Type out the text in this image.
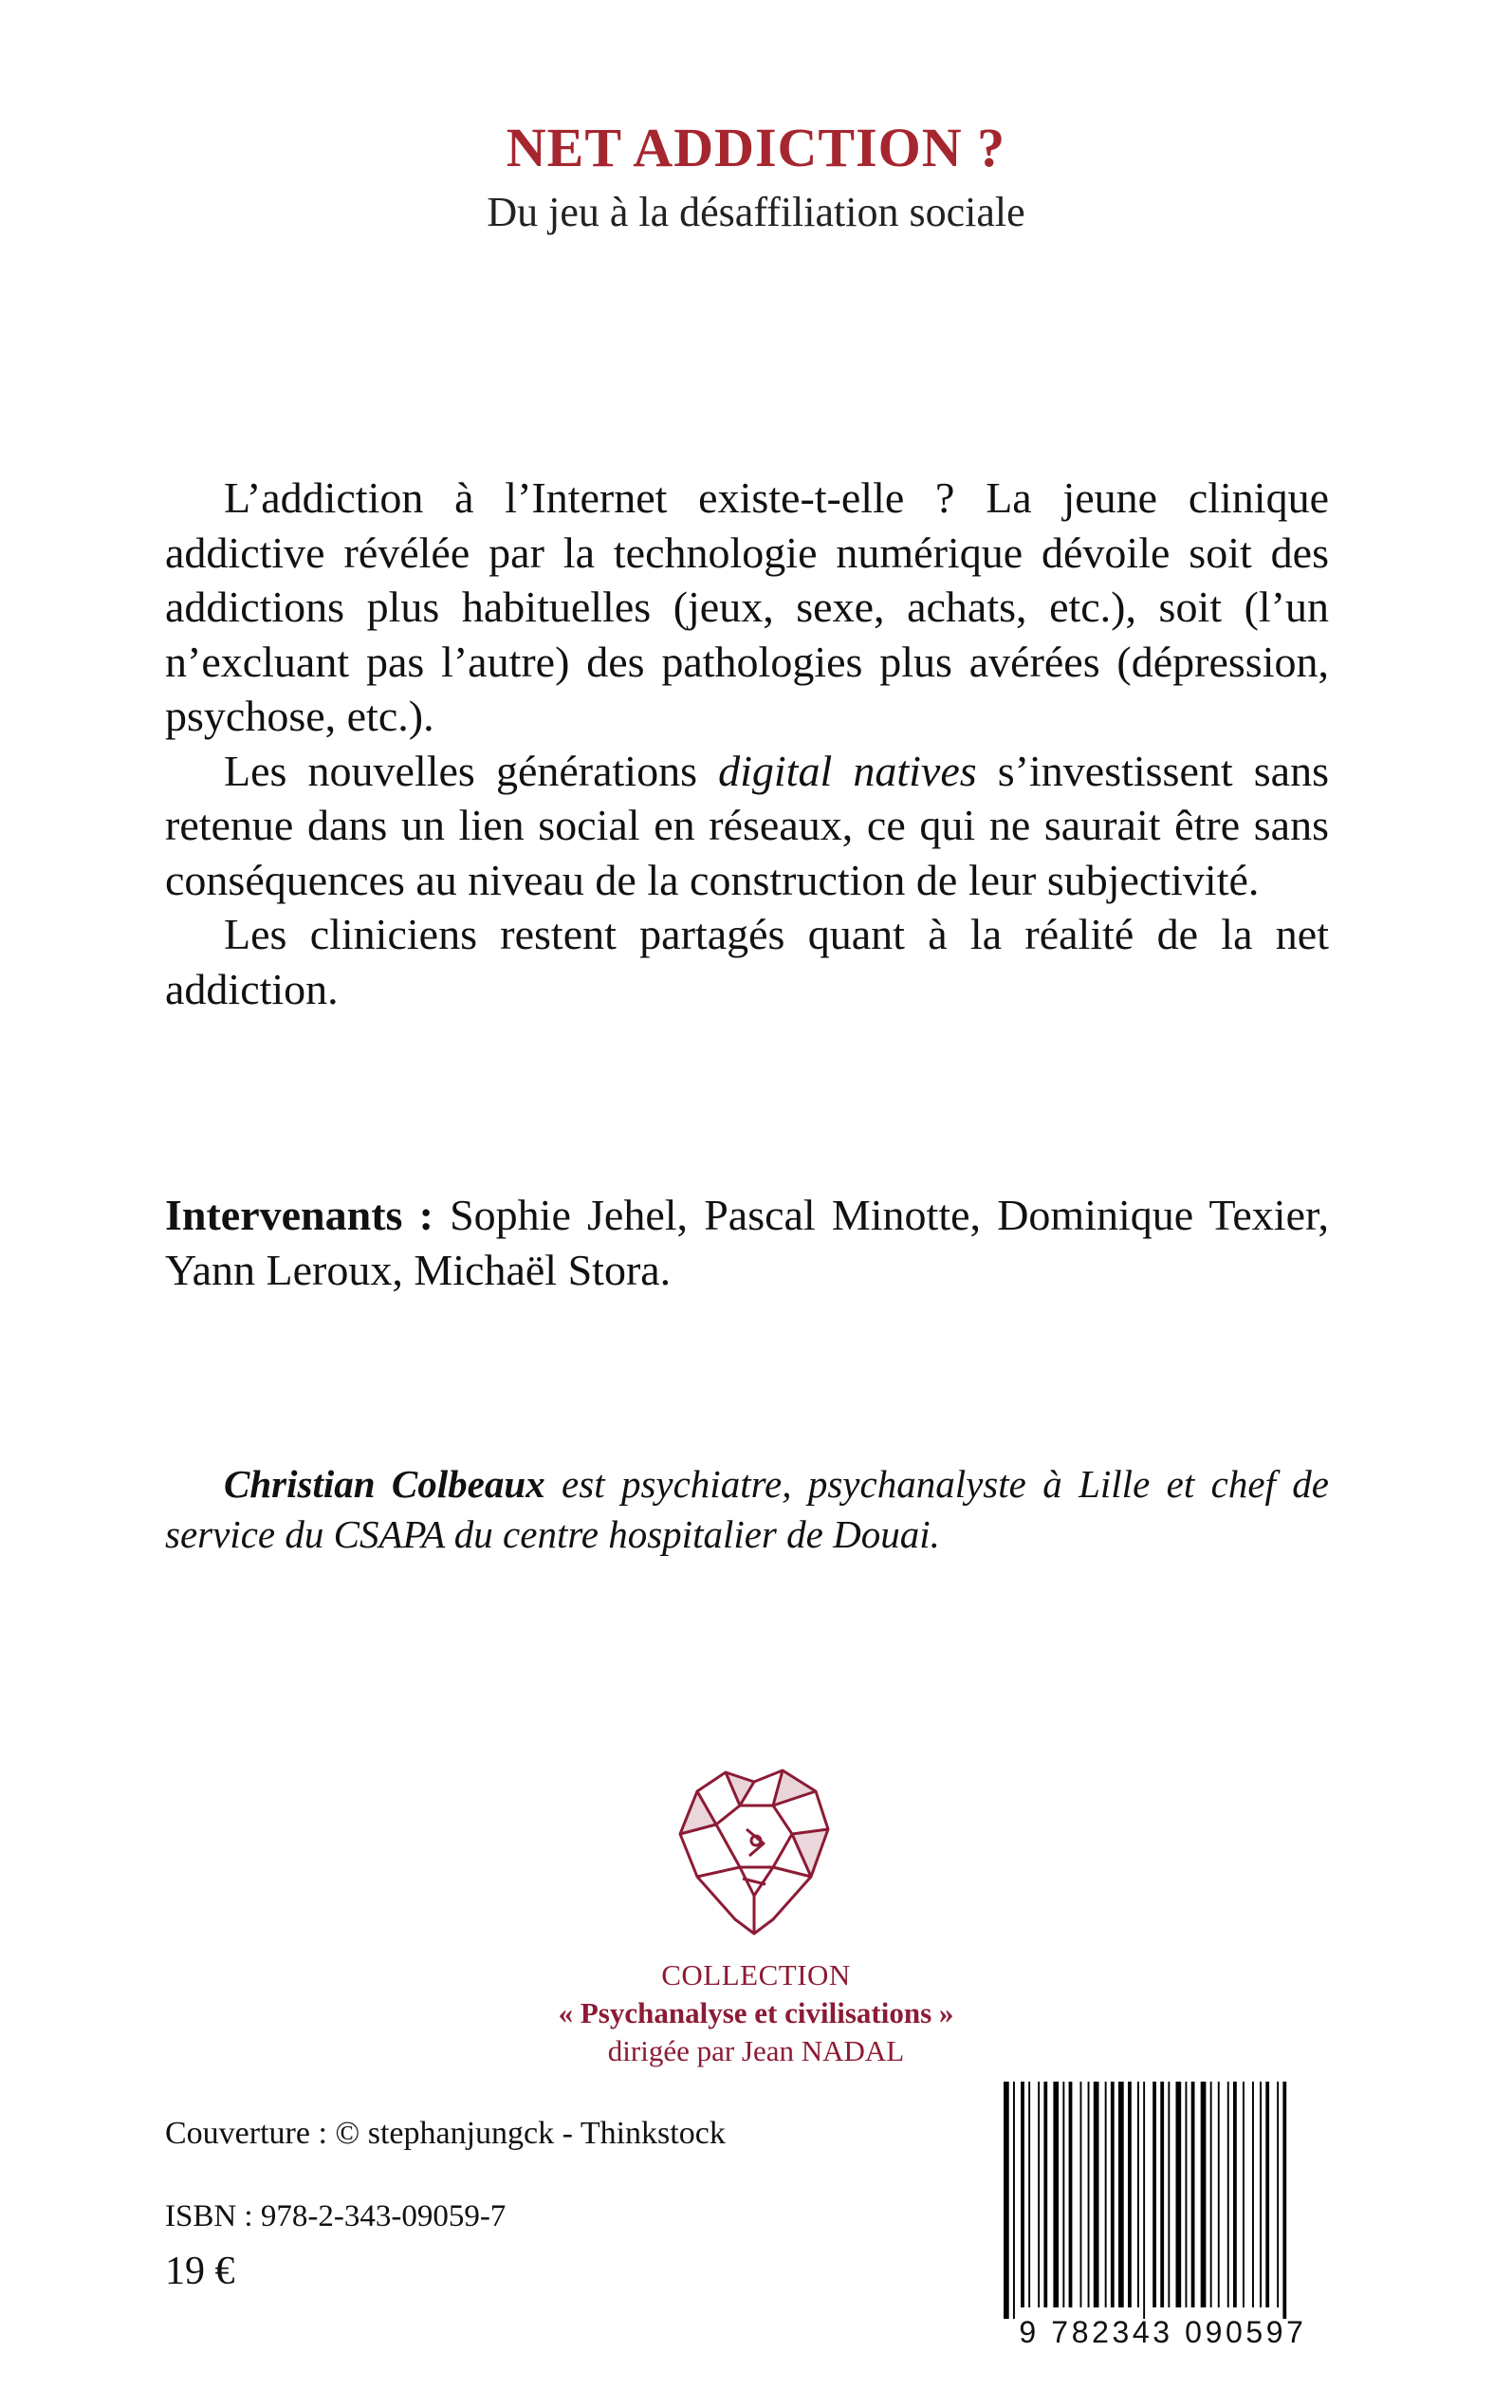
NET ADDICTION ?
Du jeu à la désaffiliation sociale

L’addiction à l’Internet existe-t-elle ? La jeune clinique addictive révélée par la technologie numérique dévoile soit des addictions plus habituelles (jeux, sexe, achats, etc.), soit (l’un n’excluant pas l’autre) des pathologies plus avérées (dépression, psychose, etc.).

Les nouvelles générations digital natives s’investissent sans retenue dans un lien social en réseaux, ce qui ne saurait être sans conséquences au niveau de la construction de leur subjectivité.

Les cliniciens restent partagés quant à la réalité de la net addiction.

Intervenants : Sophie Jehel, Pascal Minotte, Dominique Texier, Yann Leroux, Michaël Stora.
Christian Colbeaux est psychiatre, psychanalyste à Lille et chef de service du CSAPA du centre hospitalier de Douai.
COLLECTION
« Psychanalyse et civilisations »
dirigée par Jean NADAL
Couverture : © stephanjungck - Thinkstock
ISBN : 978-2-343-09059-7
19 €
9 782343 090597
